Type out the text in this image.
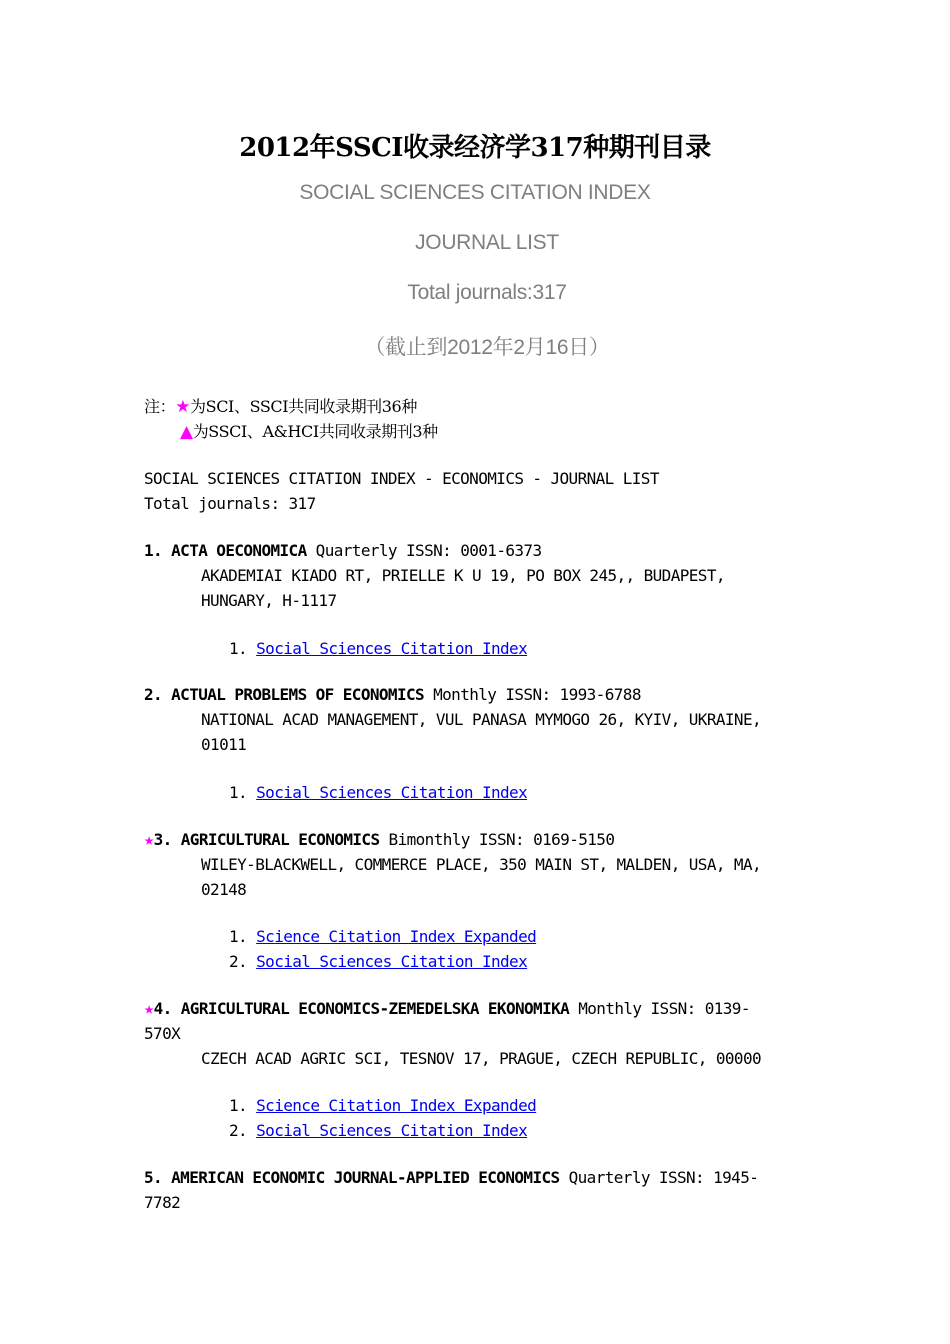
2012年SSCI收录经济学317种期刊目录
SOCIAL SCIENCES CITATION INDEX
JOURNAL LIST
Total journals:317
（截止到2012年2月16日）
注：★为SCI、SSCI共同收录期刊36种
▲为SSCI、A&HCI共同收录期刊3种
SOCIAL SCIENCES CITATION INDEX - ECONOMICS - JOURNAL LIST
Total journals: 317
1. ACTA OECONOMICA Quarterly ISSN: 0001-6373
AKADEMIAI KIADO RT, PRIELLE K U 19, PO BOX 245,, BUDAPEST,
HUNGARY, H-1117
1. Social Sciences Citation Index
2. ACTUAL PROBLEMS OF ECONOMICS Monthly ISSN: 1993-6788
NATIONAL ACAD MANAGEMENT, VUL PANASA MYMOGO 26, KYIV, UKRAINE,
01011
1. Social Sciences Citation Index
★3. AGRICULTURAL ECONOMICS Bimonthly ISSN: 0169-5150
WILEY-BLACKWELL, COMMERCE PLACE, 350 MAIN ST, MALDEN, USA, MA,
02148
1. Science Citation Index Expanded
2. Social Sciences Citation Index
★4. AGRICULTURAL ECONOMICS-ZEMEDELSKA EKONOMIKA Monthly ISSN: 0139-
570X
CZECH ACAD AGRIC SCI, TESNOV 17, PRAGUE, CZECH REPUBLIC, 00000
1. Science Citation Index Expanded
2. Social Sciences Citation Index
5. AMERICAN ECONOMIC JOURNAL-APPLIED ECONOMICS Quarterly ISSN: 1945-
7782
